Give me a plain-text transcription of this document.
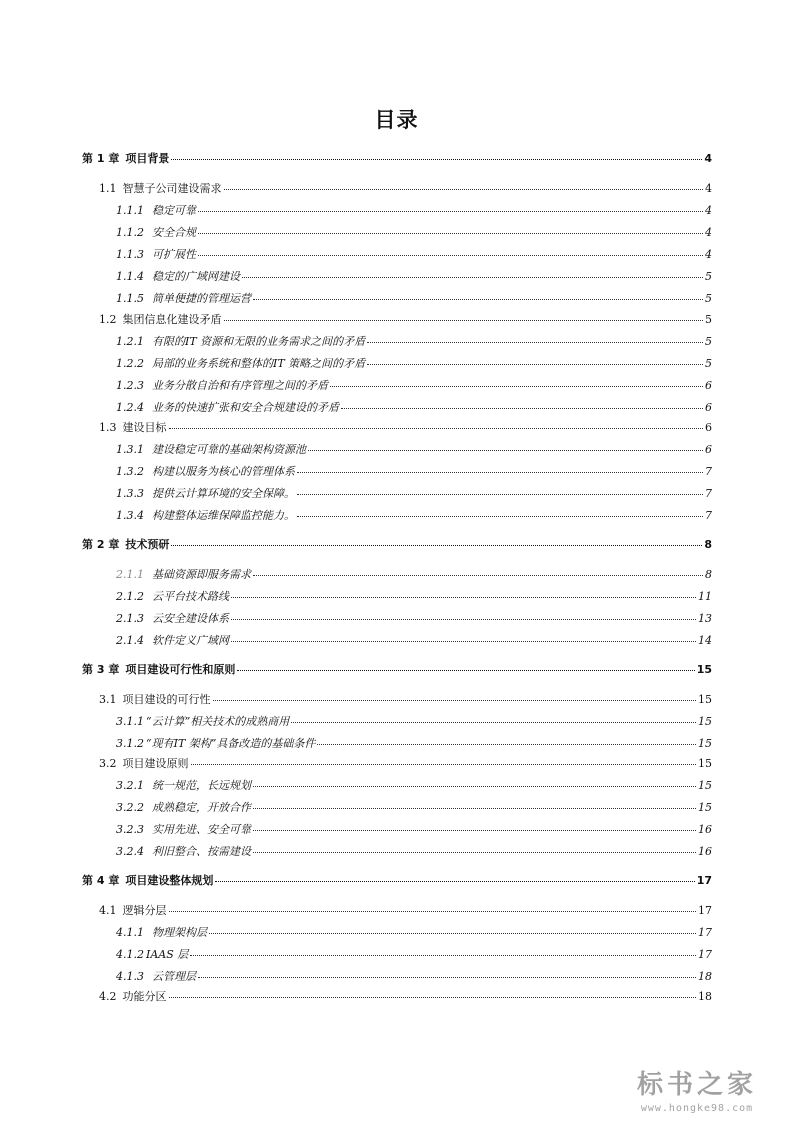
目录
第 1 章 项目背景	4
1.1 智慧子公司建设需求	4
1.1.1 稳定可靠	4
1.1.2 安全合规	4
1.1.3 可扩展性	4
1.1.4 稳定的广域网建设	5
1.1.5 简单便捷的管理运营	5
1.2 集团信息化建设矛盾	5
1.2.1 有限的IT 资源和无限的业务需求之间的矛盾	5
1.2.2 局部的业务系统和整体的IT 策略之间的矛盾	5
1.2.3 业务分散自治和有序管理之间的矛盾	6
1.2.4 业务的快速扩张和安全合规建设的矛盾	6
1.3 建设目标	6
1.3.1 建设稳定可靠的基础架构资源池	6
1.3.2 构建以服务为核心的管理体系	7
1.3.3 提供云计算环境的安全保障。	7
1.3.4 构建整体运维保障监控能力。	7
第 2 章 技术预研	8
2.1.1 基础资源即服务需求	8
2.1.2 云平台技术路线	11
2.1.3 云安全建设体系	13
2.1.4 软件定义广域网	14
第 3 章 项目建设可行性和原则	15
3.1 项目建设的可行性	15
3.1.1 “云计算”相关技术的成熟商用	15
3.1.2 “现有IT 架构”具备改造的基础条件	15
3.2 项目建设原则	15
3.2.1 统一规范，长远规划	15
3.2.2 成熟稳定，开放合作	15
3.2.3 实用先进、安全可靠	16
3.2.4 利旧整合、按需建设	16
第 4 章 项目建设整体规划	17
4.1 逻辑分层	17
4.1.1 物理架构层	17
4.1.2 IAAS 层	17
4.1.3 云管理层	18
4.2 功能分区	18
标书之家
www.hongke98.com
